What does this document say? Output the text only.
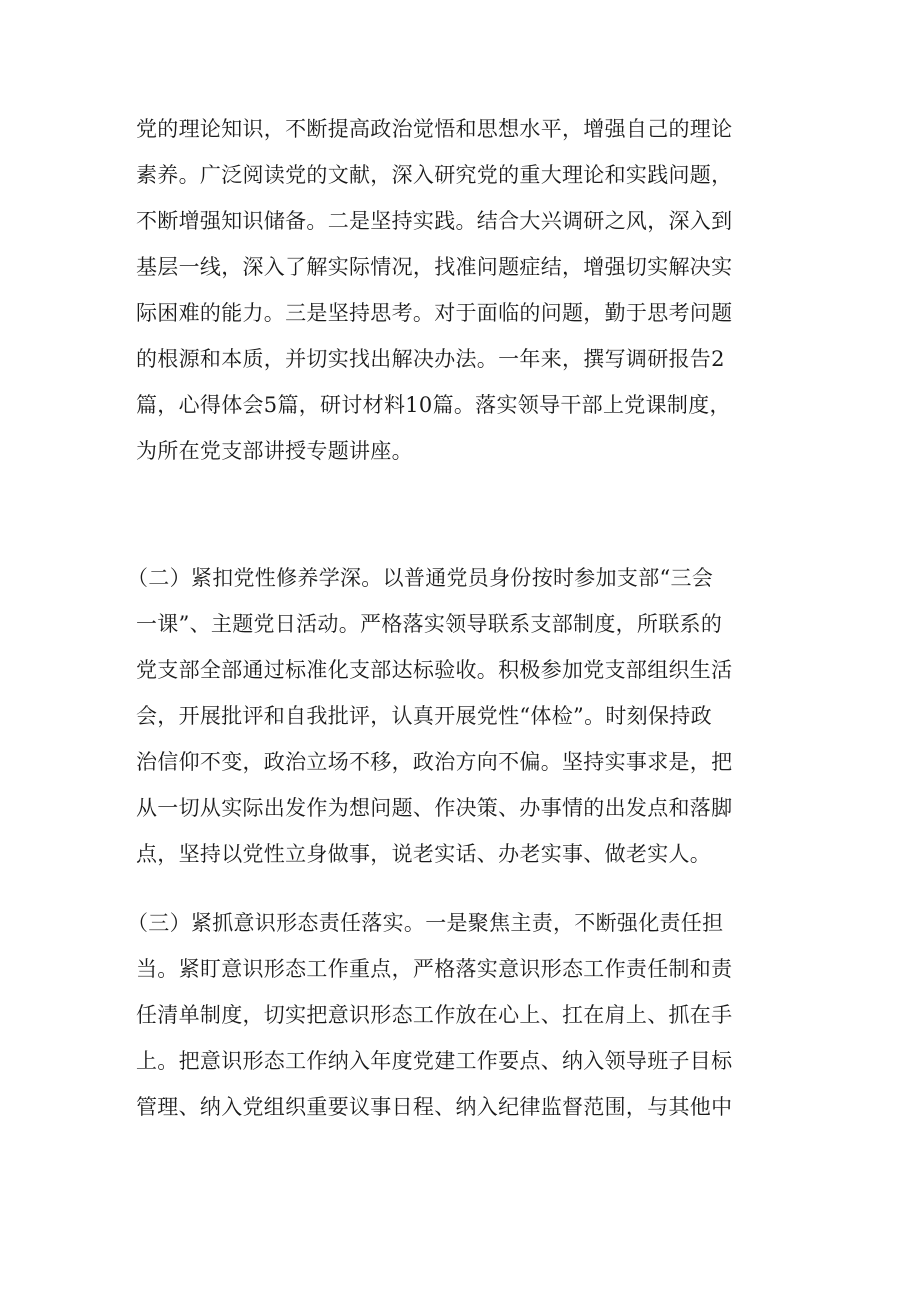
党的理论知识，不断提高政治觉悟和思想水平，增强自己的理论
素养。广泛阅读党的文献，深入研究党的重大理论和实践问题，
不断增强知识储备。二是坚持实践。结合大兴调研之风，深入到
基层一线，深入了解实际情况，找准问题症结，增强切实解决实
际困难的能力。三是坚持思考。对于面临的问题，勤于思考问题
的根源和本质，并切实找出解决办法。一年来，撰写调研报告2
篇，心得体会5篇，研讨材料10篇。落实领导干部上党课制度，
为所在党支部讲授专题讲座。
（二）紧扣党性修养学深。以普通党员身份按时参加支部“三会
一课”、主题党日活动。严格落实领导联系支部制度，所联系的
党支部全部通过标准化支部达标验收。积极参加党支部组织生活
会，开展批评和自我批评，认真开展党性“体检”。时刻保持政
治信仰不变，政治立场不移，政治方向不偏。坚持实事求是，把
从一切从实际出发作为想问题、作决策、办事情的出发点和落脚
点，坚持以党性立身做事，说老实话、办老实事、做老实人。
（三）紧抓意识形态责任落实。一是聚焦主责，不断强化责任担
当。紧盯意识形态工作重点，严格落实意识形态工作责任制和责
任清单制度，切实把意识形态工作放在心上、扛在肩上、抓在手
上。把意识形态工作纳入年度党建工作要点、纳入领导班子目标
管理、纳入党组织重要议事日程、纳入纪律监督范围，与其他中
